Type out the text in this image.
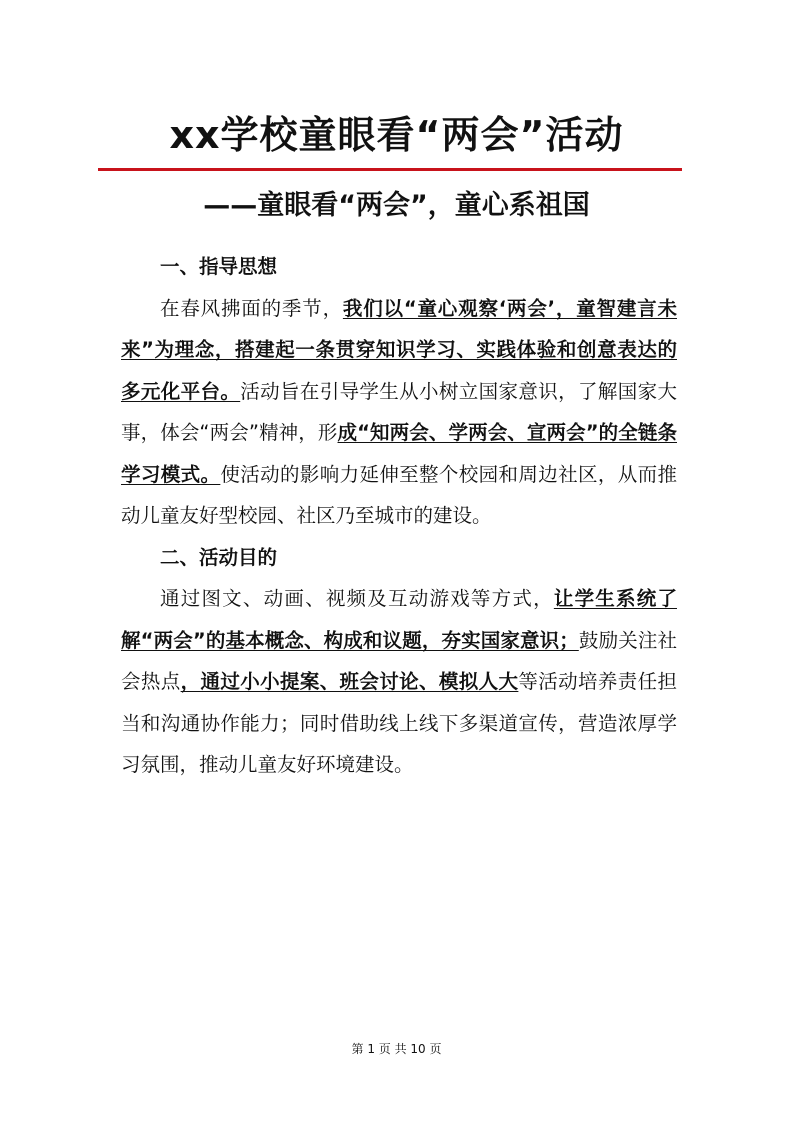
xx学校童眼看“两会”活动
——童眼看“两会”，童心系祖国
一、指导思想

在春风拂面的季节，我们以“童心观察‘两会’，童智建言未来”为理念，搭建起一条贯穿知识学习、实践体验和创意表达的多元化平台。活动旨在引导学生从小树立国家意识，了解国家大事，体会“两会”精神，形成“知两会、学两会、宣两会”的全链条学习模式。使活动的影响力延伸至整个校园和周边社区，从而推动儿童友好型校园、社区乃至城市的建设。

二、活动目的

通过图文、动画、视频及互动游戏等方式，让学生系统了解“两会”的基本概念、构成和议题，夯实国家意识；鼓励关注社会热点，通过小小提案、班会讨论、模拟人大等活动培养责任担当和沟通协作能力；同时借助线上线下多渠道宣传，营造浓厚学习氛围，推动儿童友好环境建设。

第 1 页 共 10 页
